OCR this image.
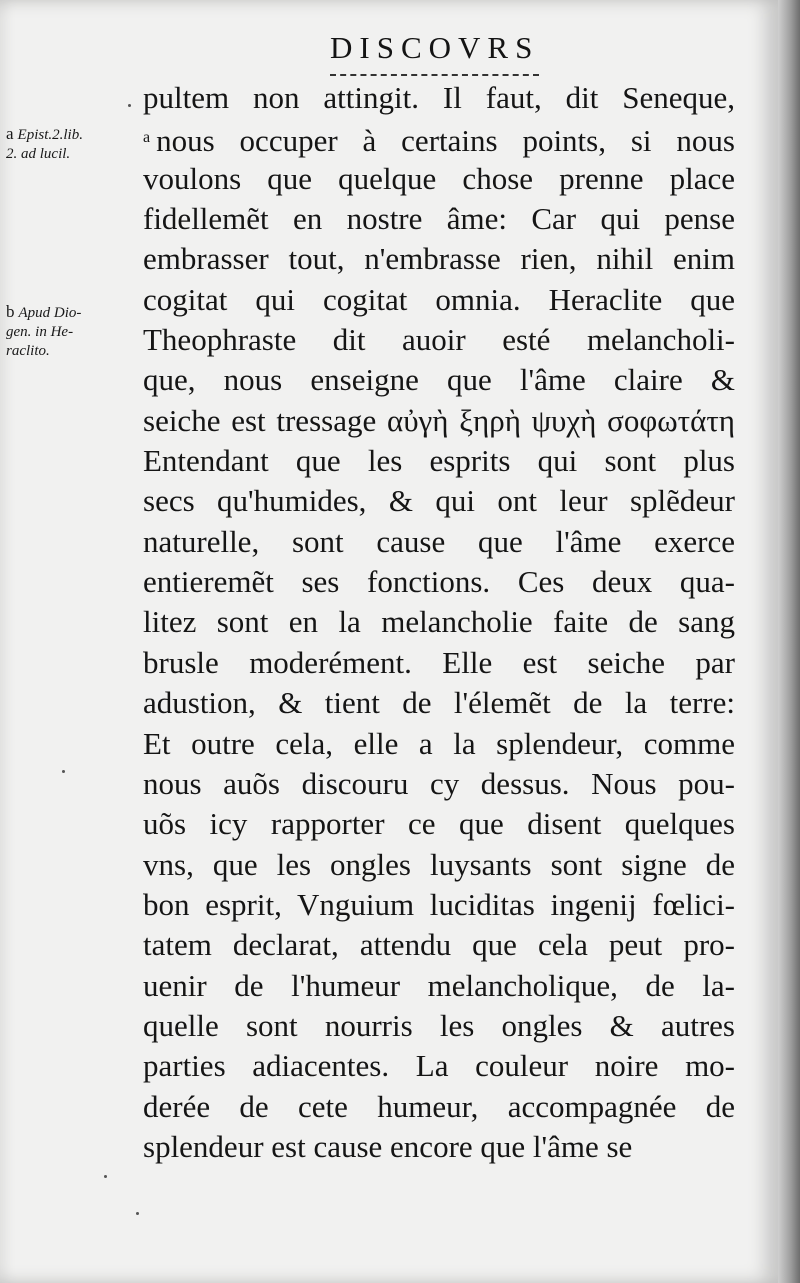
DISCOVRS
a Epist.2.lib.
2. ad lucil.
b Apud Dio-
gen. in He-
raclito.
pultem non attingit. Il faut, dit Seneque,
$^a$ nous occuper à certains points, si nous
voulons que quelque chose prenne place
fidellemẽt en nostre âme: Car qui pense
embrasser tout, n'embrasse rien, nihil enim
cogitat qui cogitat omnia. Heraclite que
Theophraste dit auoir esté melancholi-
que, nous enseigne que l'âme claire &
seiche est tressage αὐγὴ ξηρὴ ψυχὴ σοφωτάτη
Entendant que les esprits qui sont plus
secs qu'humides, & qui ont leur splẽdeur
naturelle, sont cause que l'âme exerce
entieremẽt ses fonctions. Ces deux qua-
litez sont en la melancholie faite de sang
brusle moderément. Elle est seiche par
adustion, & tient de l'élemẽt de la terre:
Et outre cela, elle a la splendeur, comme
nous auõs discouru cy dessus. Nous pou-
uõs icy rapporter ce que disent quelques
vns, que les ongles luysants sont signe de
bon esprit, Vnguium luciditas ingenij fœlici-
tatem declarat, attendu que cela peut pro-
uenir de l'humeur melancholique, de la-
quelle sont nourris les ongles & autres
parties adiacentes. La couleur noire mo-
derée de cete humeur, accompagnée de
splendeur est cause encore que l'âme se
